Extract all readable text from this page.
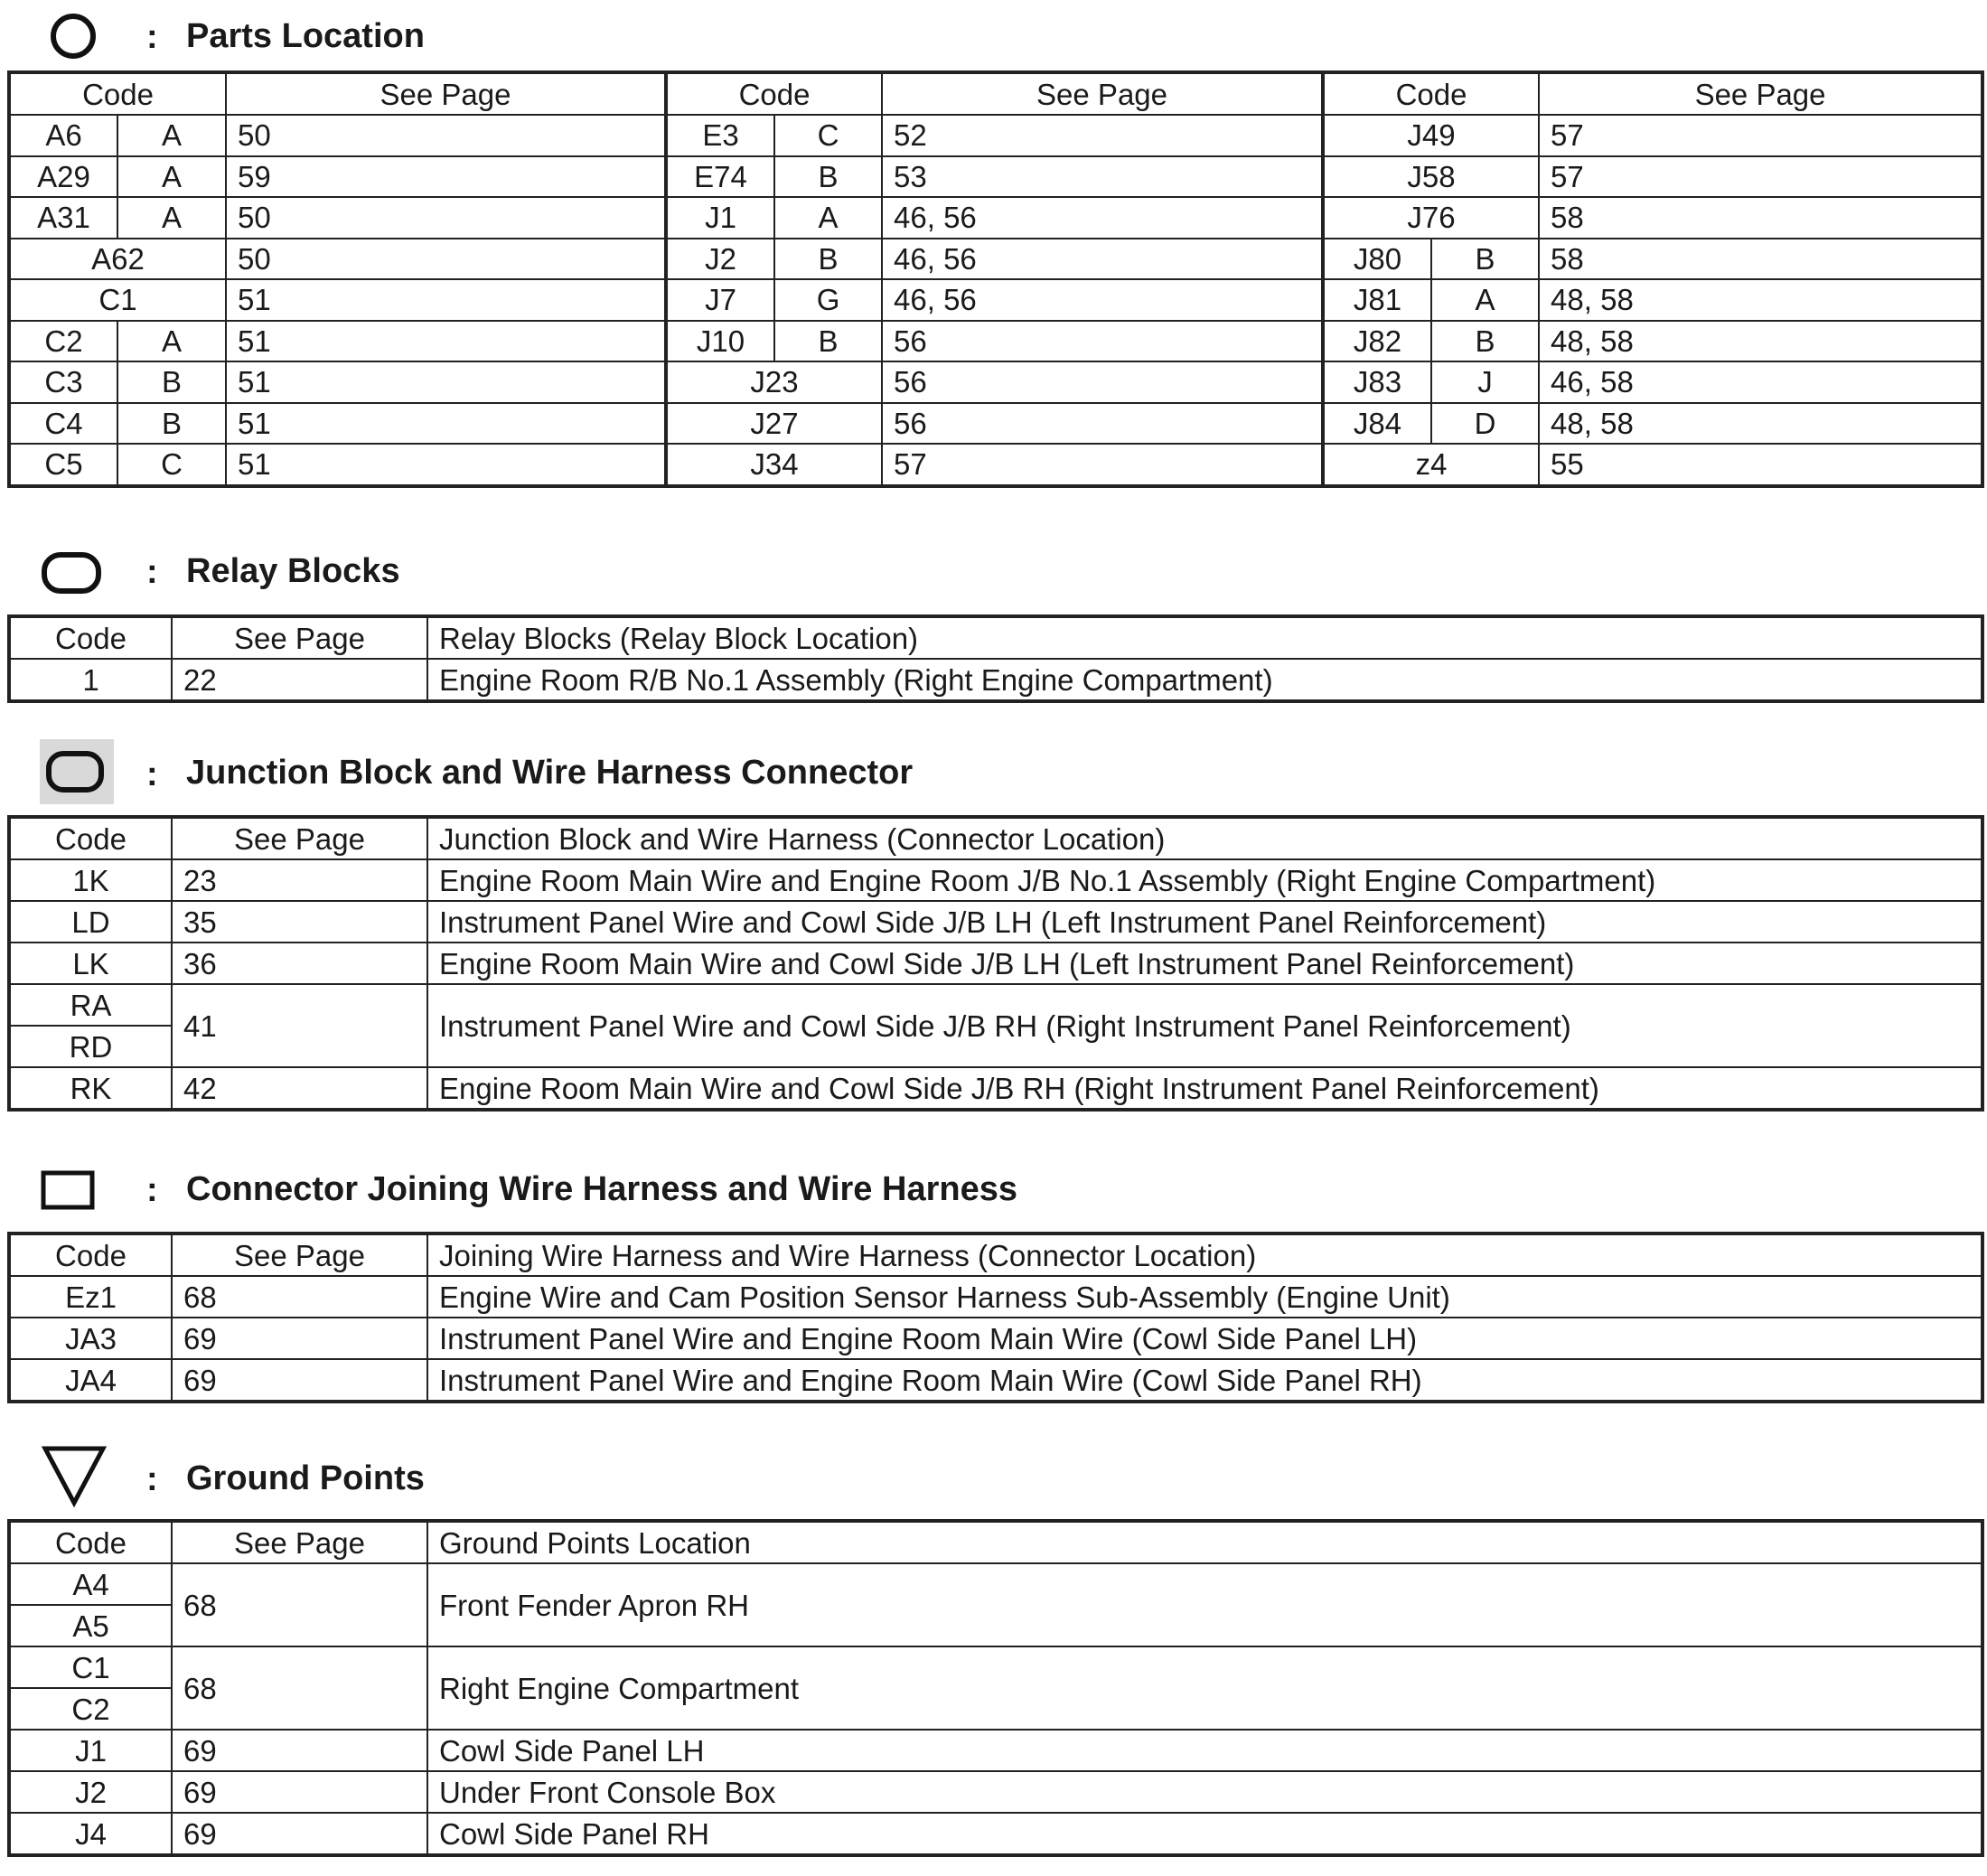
: Parts Location
Code		See Page	Code		See Page	Code		See Page
A6	A	50	E3	C	52	J49		57
A29	A	59	E74	B	53	J58		57
A31	A	50	J1	A	46, 56	J76		58
A62		50	J2	B	46, 56	J80	B	58
C1		51	J7	G	46, 56	J81	A	48, 58
C2	A	51	J10	B	56	J82	B	48, 58
C3	B	51	J23		56	J83	J	46, 58
C4	B	51	J27		56	J84	D	48, 58
C5	C	51	J34		57	z4		55
: Relay Blocks
Code	See Page	Relay Blocks (Relay Block Location)
1	22	Engine Room R/B No.1 Assembly (Right Engine Compartment)
: Junction Block and Wire Harness Connector
Code	See Page	Junction Block and Wire Harness (Connector Location)
1K	23	Engine Room Main Wire and Engine Room J/B No.1 Assembly (Right Engine Compartment)
LD	35	Instrument Panel Wire and Cowl Side J/B LH (Left Instrument Panel Reinforcement)
LK	36	Engine Room Main Wire and Cowl Side J/B LH (Left Instrument Panel Reinforcement)
RA	41	Instrument Panel Wire and Cowl Side J/B RH (Right Instrument Panel Reinforcement)
RD		
RK	42	Engine Room Main Wire and Cowl Side J/B RH (Right Instrument Panel Reinforcement)
: Connector Joining Wire Harness and Wire Harness
Code	See Page	Joining Wire Harness and Wire Harness (Connector Location)
Ez1	68	Engine Wire and Cam Position Sensor Harness Sub-Assembly (Engine Unit)
JA3	69	Instrument Panel Wire and Engine Room Main Wire (Cowl Side Panel LH)
JA4	69	Instrument Panel Wire and Engine Room Main Wire (Cowl Side Panel RH)
: Ground Points
Code	See Page	Ground Points Location
A4	68	Front Fender Apron RH
A5		
C1	68	Right Engine Compartment
C2		
J1	69	Cowl Side Panel LH
J2	69	Under Front Console Box
J4	69	Cowl Side Panel RH
